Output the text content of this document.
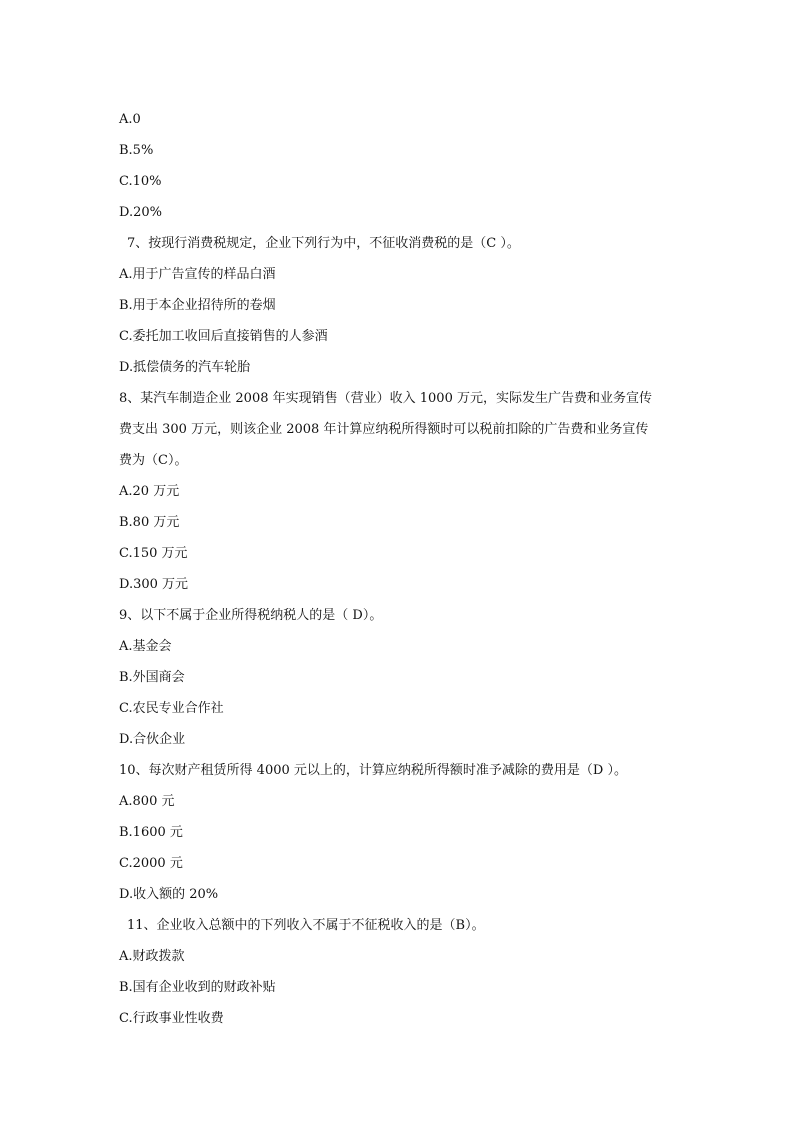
A.0
B.5%
C.10%
D.20%
7、按现行消费税规定，企业下列行为中，不征收消费税的是（C ）。
A.用于广告宣传的样品白酒
B.用于本企业招待所的卷烟
C.委托加工收回后直接销售的人参酒
D.抵偿债务的汽车轮胎
8、某汽车制造企业 2008 年实现销售（营业）收入 1000 万元，实际发生广告费和业务宣传
费支出 300 万元，则该企业 2008 年计算应纳税所得额时可以税前扣除的广告费和业务宣传
费为（C）。
A.20 万元
B.80 万元
C.150 万元
D.300 万元
9、以下不属于企业所得税纳税人的是（ D）。
A.基金会
B.外国商会
C.农民专业合作社
D.合伙企业
10、每次财产租赁所得 4000 元以上的，计算应纳税所得额时准予减除的费用是（D ）。
A.800 元
B.1600 元
C.2000 元
D.收入额的 20%
11、企业收入总额中的下列收入不属于不征税收入的是（B）。
A.财政拨款
B.国有企业收到的财政补贴
C.行政事业性收费
